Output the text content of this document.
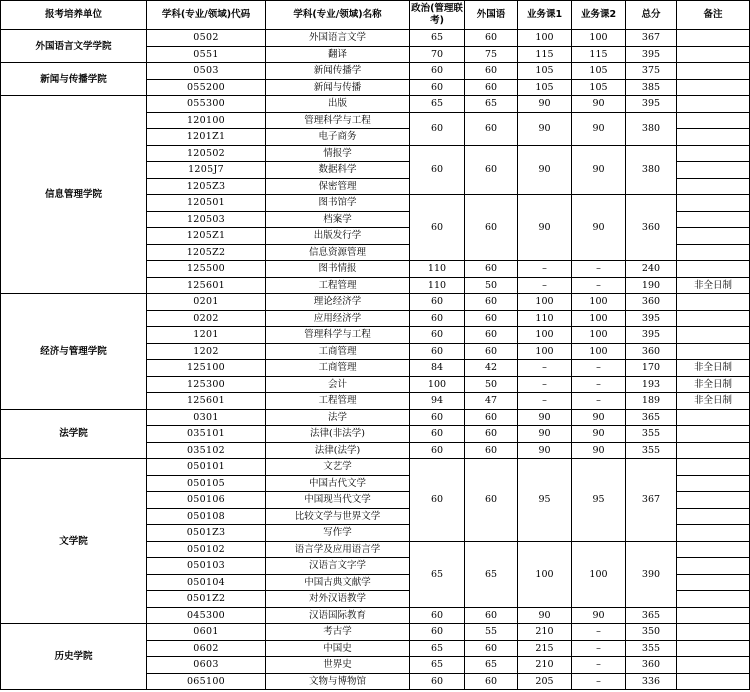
报考培养单位	学科(专业/领域)代码	学科(专业/领域)名称	政治(管理联考)	外国语	业务课1	业务课2	总分	备注
外国语言文学学院	0502	外国语言文学	65	60	100	100	367	
	0551	翻译	70	75	115	115	395	
新闻与传播学院	0503	新闻传播学	60	60	105	105	375	
	055200	新闻与传播	60	60	105	105	385	
信息管理学院	055300	出版	65	65	90	90	395	
	120100	管理科学与工程	60	60	90	90	380	
	1201Z1	电子商务						
	120502	情报学	60	60	90	90	380	
	1205J7	数据科学						
	1205Z3	保密管理						
	120501	图书馆学	60	60	90	90	360	
	120503	档案学						
	1205Z1	出版发行学						
	1205Z2	信息资源管理						
	125500	图书情报	110	60	–	–	240	
	125601	工程管理	110	50	–	–	190	非全日制
经济与管理学院	0201	理论经济学	60	60	100	100	360	
	0202	应用经济学	60	60	110	100	395	
	1201	管理科学与工程	60	60	100	100	395	
	1202	工商管理	60	60	100	100	360	
	125100	工商管理	84	42	–	–	170	非全日制
	125300	会计	100	50	–	–	193	非全日制
	125601	工程管理	94	47	–	–	189	非全日制
法学院	0301	法学	60	60	90	90	365	
	035101	法律(非法学)	60	60	90	90	355	
	035102	法律(法学)	60	60	90	90	355	
文学院	050101	文艺学	60	60	95	95	367	
	050105	中国古代文学						
	050106	中国现当代文学						
	050108	比较文学与世界文学						
	0501Z3	写作学						
	050102	语言学及应用语言学	65	65	100	100	390	
	050103	汉语言文字学						
	050104	中国古典文献学						
	0501Z2	对外汉语教学						
	045300	汉语国际教育	60	60	90	90	365	
历史学院	0601	考古学	60	55	210	–	350	
	0602	中国史	65	60	215	–	355	
	0603	世界史	65	65	210	–	360	
	065100	文物与博物馆	60	60	205	–	336	
